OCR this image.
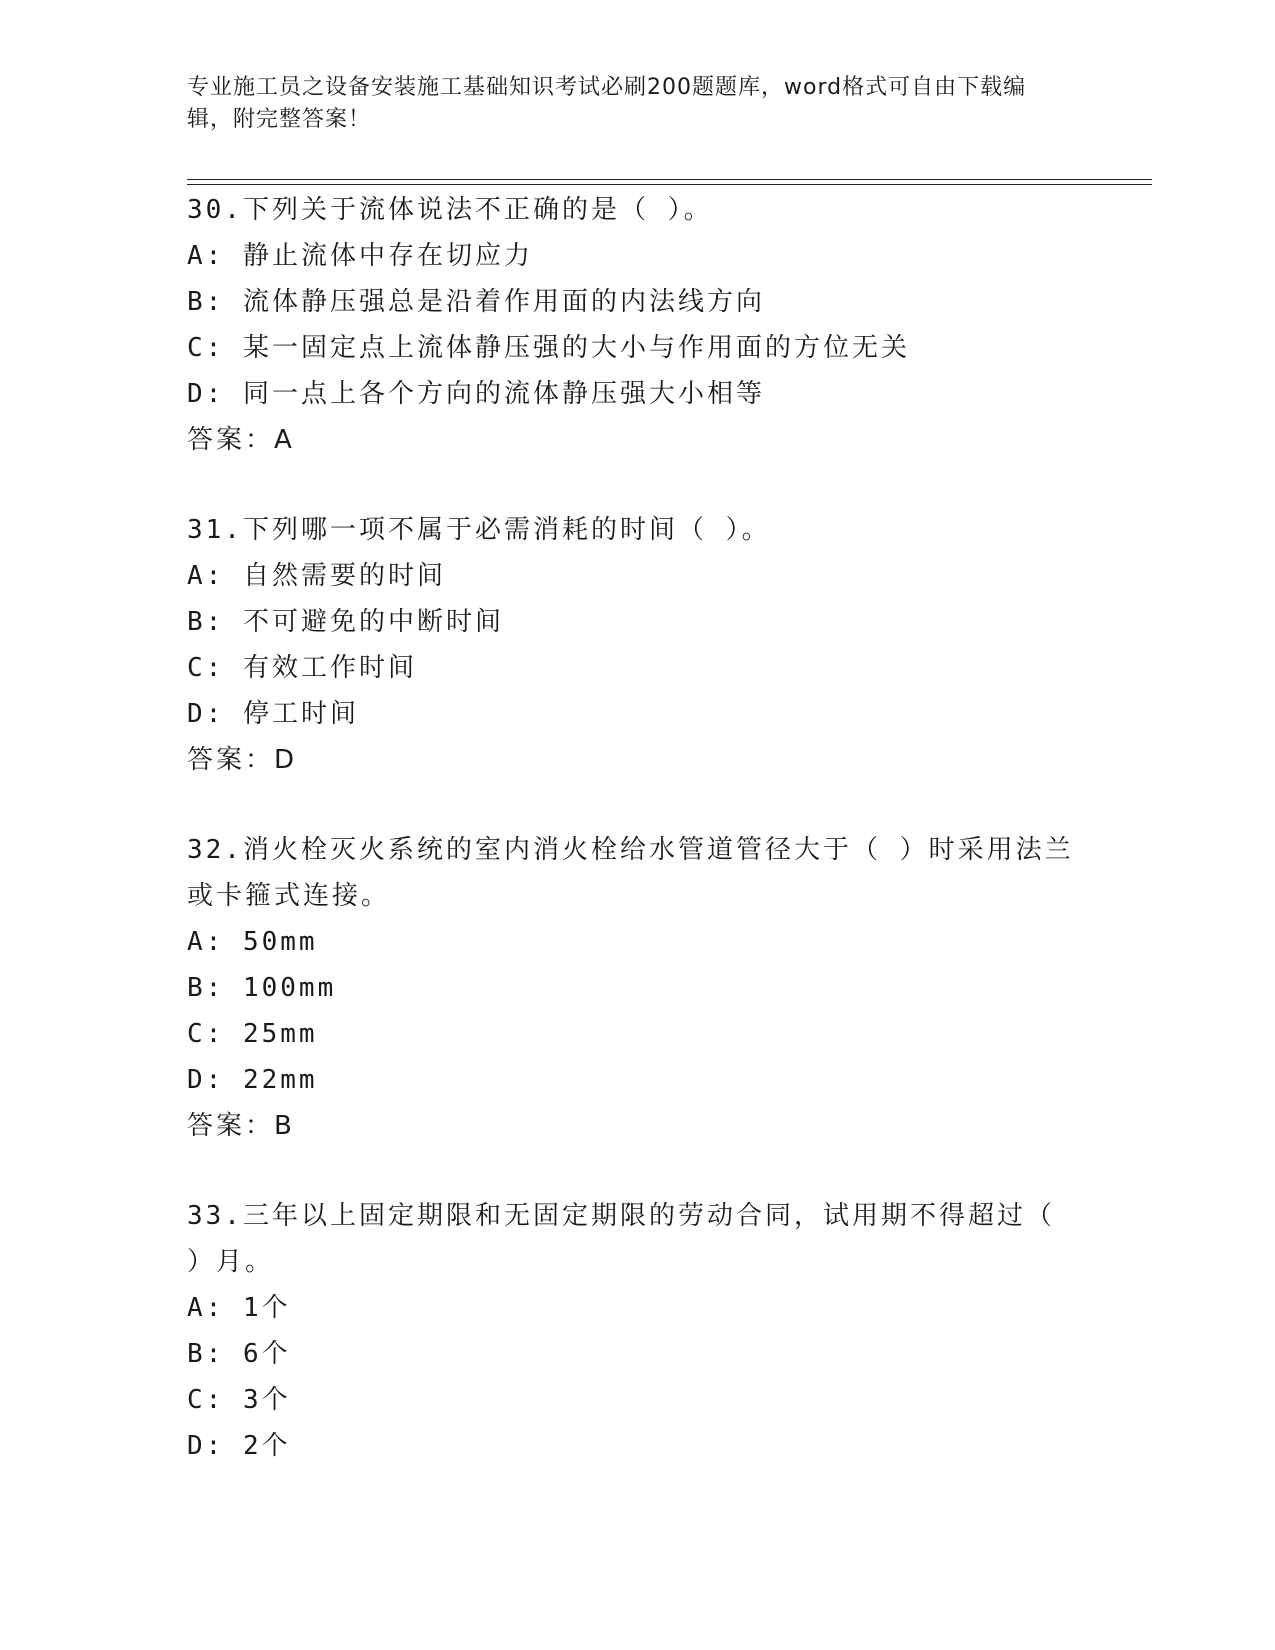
专业施工员之设备安装施工基础知识考试必刷200题题库，word格式可自由下载编辑，附完整答案！
30.下列关于流体说法不正确的是（ ）。
A: 静止流体中存在切应力
B: 流体静压强总是沿着作用面的内法线方向
C: 某一固定点上流体静压强的大小与作用面的方位无关
D: 同一点上各个方向的流体静压强大小相等
答案：A
31.下列哪一项不属于必需消耗的时间（ ）。
A: 自然需要的时间
B: 不可避免的中断时间
C: 有效工作时间
D: 停工时间
答案：D
32.消火栓灭火系统的室内消火栓给水管道管径大于（ ）时采用法兰或卡箍式连接。
A: 50mm
B: 100mm
C: 25mm
D: 22mm
答案：B
33.三年以上固定期限和无固定期限的劳动合同，试用期不得超过（ ）月。
A: 1个
B: 6个
C: 3个
D: 2个
